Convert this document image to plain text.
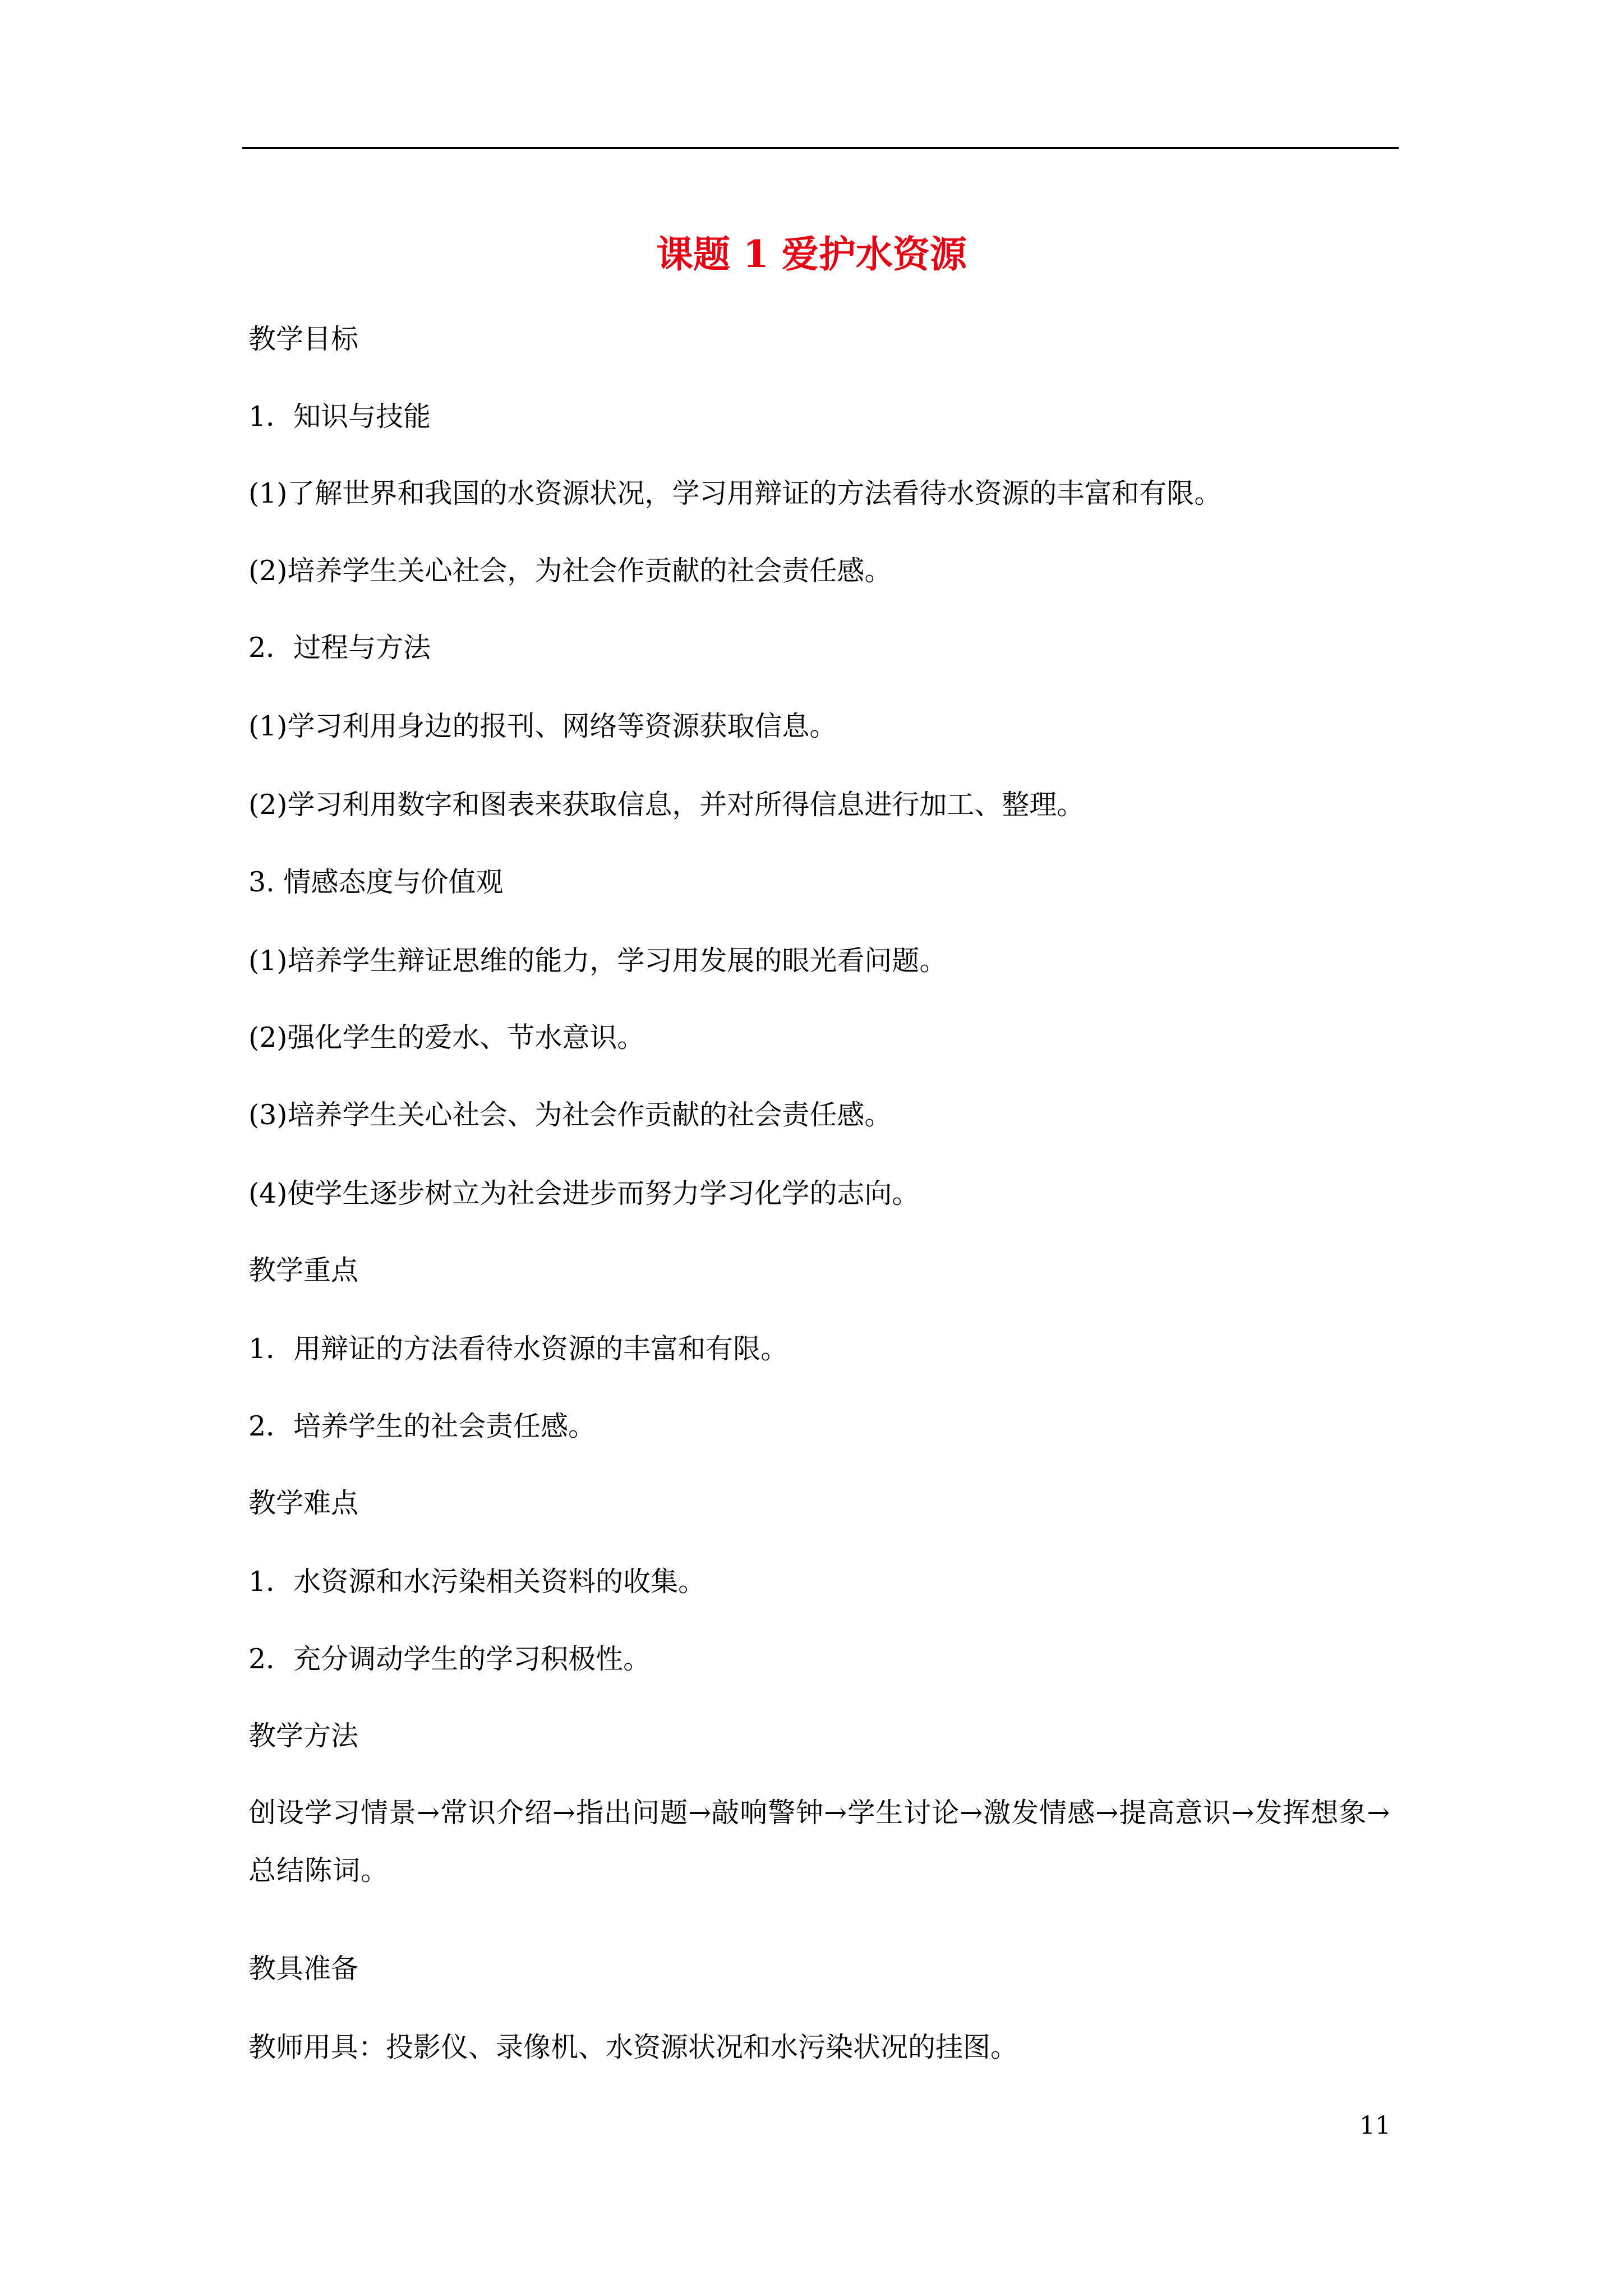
课题 1 爱护水资源
教学目标
1．知识与技能
(1)了解世界和我国的水资源状况，学习用辩证的方法看待水资源的丰富和有限。
(2)培养学生关心社会，为社会作贡献的社会责任感。
2．过程与方法
(1)学习利用身边的报刊、网络等资源获取信息。
(2)学习利用数字和图表来获取信息，并对所得信息进行加工、整理。
3. 情感态度与价值观
(1)培养学生辩证思维的能力，学习用发展的眼光看问题。
(2)强化学生的爱水、节水意识。
(3)培养学生关心社会、为社会作贡献的社会责任感。
(4)使学生逐步树立为社会进步而努力学习化学的志向。
教学重点
1．用辩证的方法看待水资源的丰富和有限。
2．培养学生的社会责任感。
教学难点
1．水资源和水污染相关资料的收集。
2．充分调动学生的学习积极性。
教学方法
创设学习情景→常识介绍→指出问题→敲响警钟→学生讨论→激发情感→提高意识→发挥想象→总结陈词。
教具准备
教师用具：投影仪、录像机、水资源状况和水污染状况的挂图。
11
